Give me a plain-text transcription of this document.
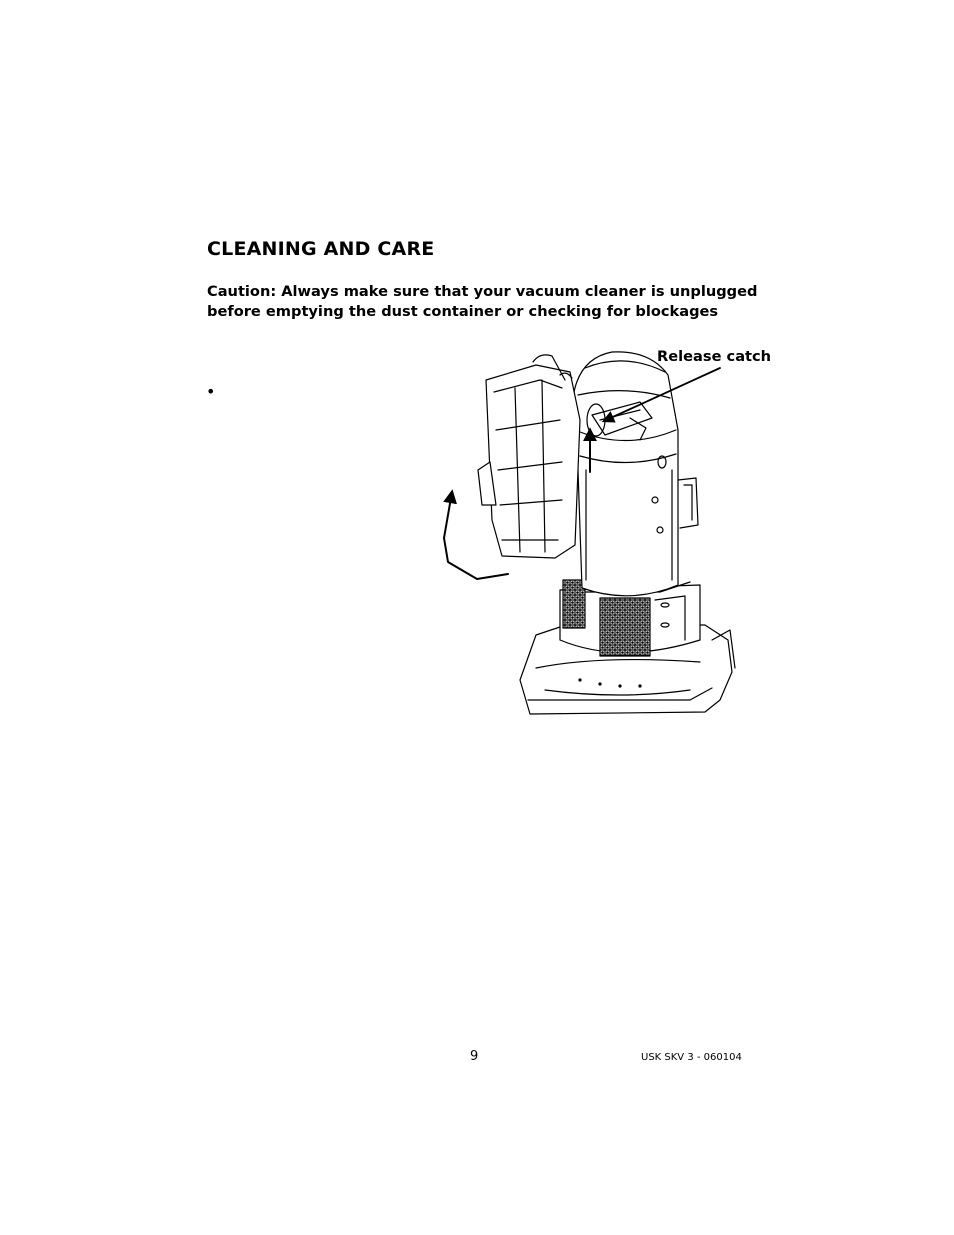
CLEANING AND CARE
Caution: Always make sure that your vacuum cleaner is unplugged before emptying the dust container or checking for blockages
•
Release catch
9	USK SKV 3 - 060104
